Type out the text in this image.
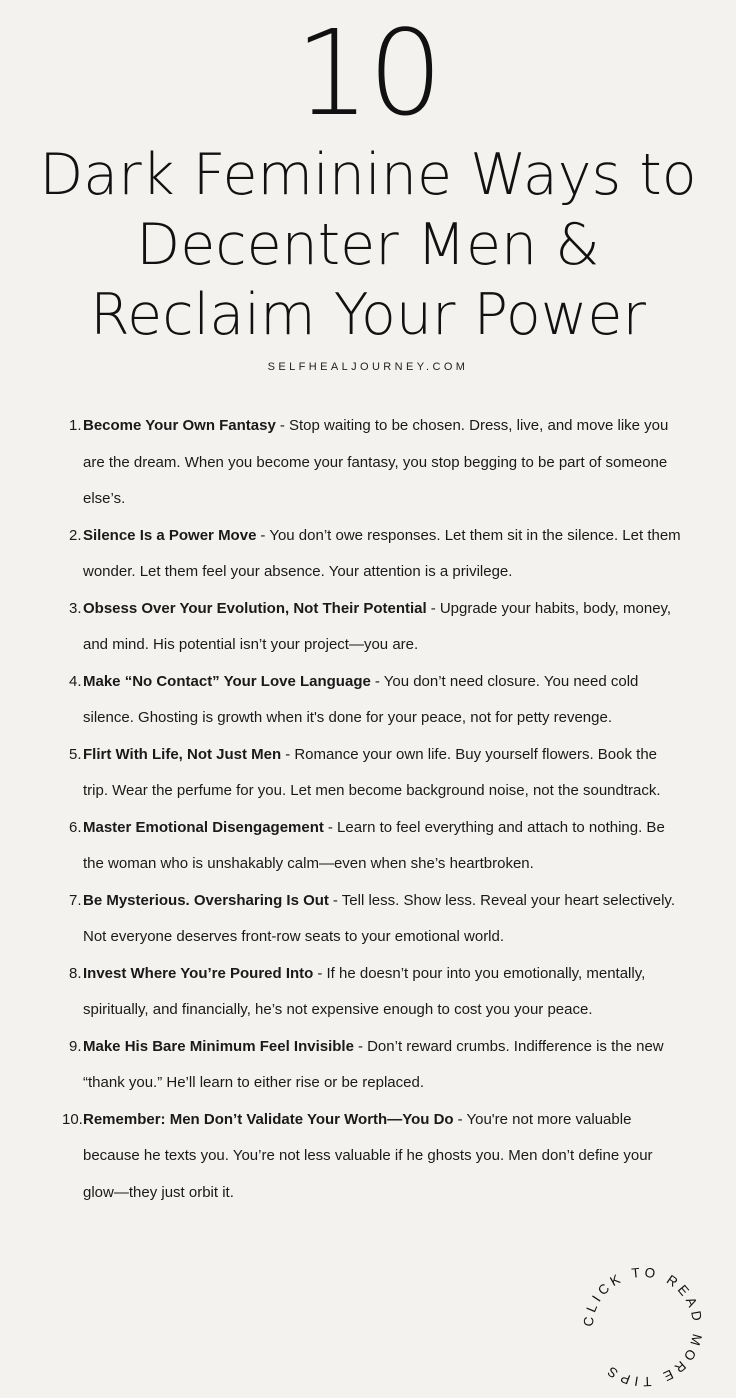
10
Dark Feminine Ways to
Decenter Men &
Reclaim Your Power
SELFHEALJOURNEY.COM
1. Become Your Own Fantasy - Stop waiting to be chosen. Dress, live, and move like you are the dream. When you become your fantasy, you stop begging to be part of someone else’s.
2. Silence Is a Power Move - You don’t owe responses. Let them sit in the silence. Let them wonder. Let them feel your absence. Your attention is a privilege.
3. Obsess Over Your Evolution, Not Their Potential - Upgrade your habits, body, money, and mind. His potential isn’t your project—you are.
4. Make “No Contact” Your Love Language - You don’t need closure. You need cold silence. Ghosting is growth when it's done for your peace, not for petty revenge.
5. Flirt With Life, Not Just Men - Romance your own life. Buy yourself flowers. Book the trip. Wear the perfume for you. Let men become background noise, not the soundtrack.
6. Master Emotional Disengagement - Learn to feel everything and attach to nothing. Be the woman who is unshakably calm—even when she’s heartbroken.
7. Be Mysterious. Oversharing Is Out - Tell less. Show less. Reveal your heart selectively. Not everyone deserves front-row seats to your emotional world.
8. Invest Where You’re Poured Into - If he doesn’t pour into you emotionally, mentally, spiritually, and financially, he’s not expensive enough to cost you your peace.
9. Make His Bare Minimum Feel Invisible - Don’t reward crumbs. Indifference is the new “thank you.” He’ll learn to either rise or be replaced.
10. Remember: Men Don’t Validate Your Worth—You Do - You're not more valuable because he texts you. You’re not less valuable if he ghosts you. Men don’t define your glow—they just orbit it.
CLICK TO READ MORE TIPS
